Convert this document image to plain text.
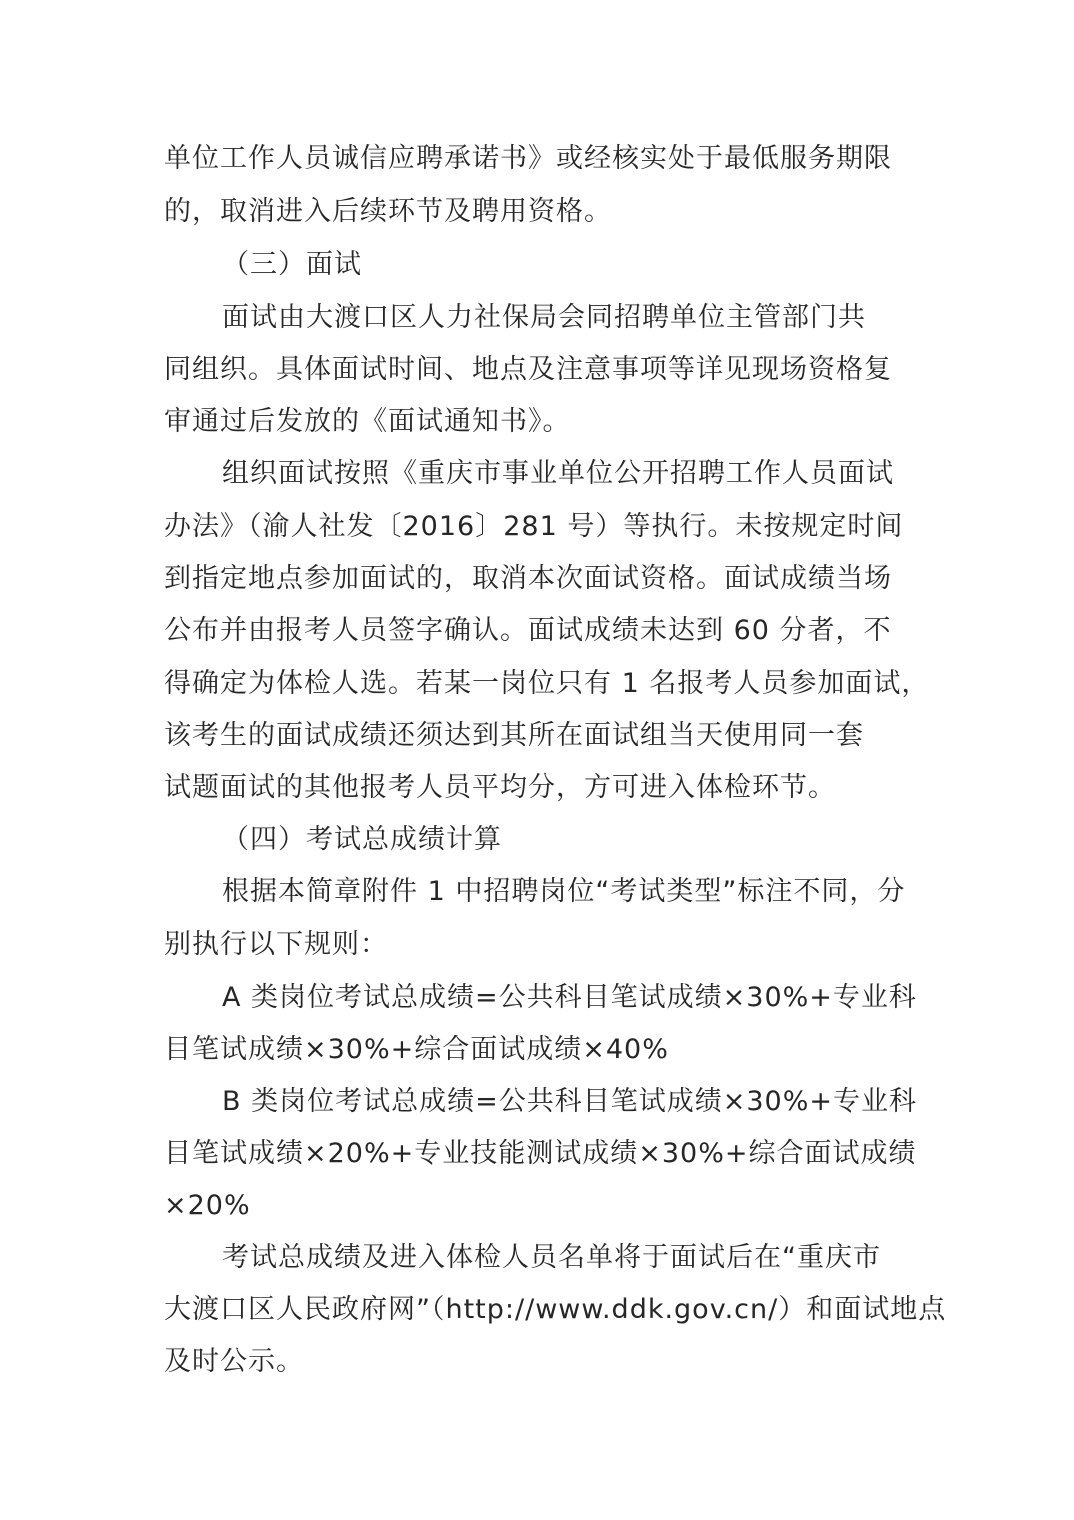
单位工作人员诚信应聘承诺书》或经核实处于最低服务期限
的，取消进入后续环节及聘用资格。
（三）面试
面试由大渡口区人力社保局会同招聘单位主管部门共
同组织。具体面试时间、地点及注意事项等详见现场资格复
审通过后发放的《面试通知书》。
组织面试按照《重庆市事业单位公开招聘工作人员面试
办法》（渝人社发〔2016〕281 号）等执行。未按规定时间
到指定地点参加面试的，取消本次面试资格。面试成绩当场
公布并由报考人员签字确认。面试成绩未达到 60 分者，不
得确定为体检人选。若某一岗位只有 1 名报考人员参加面试，
该考生的面试成绩还须达到其所在面试组当天使用同一套
试题面试的其他报考人员平均分，方可进入体检环节。
（四）考试总成绩计算
根据本简章附件 1 中招聘岗位“考试类型”标注不同，分
别执行以下规则：
A 类岗位考试总成绩=公共科目笔试成绩×30%+专业科
目笔试成绩×30%+综合面试成绩×40%
B 类岗位考试总成绩=公共科目笔试成绩×30%+专业科
目笔试成绩×20%+专业技能测试成绩×30%+综合面试成绩
×20%
考试总成绩及进入体检人员名单将于面试后在“重庆市
大渡口区人民政府网”（http://www.ddk.gov.cn/）和面试地点
及时公示。
